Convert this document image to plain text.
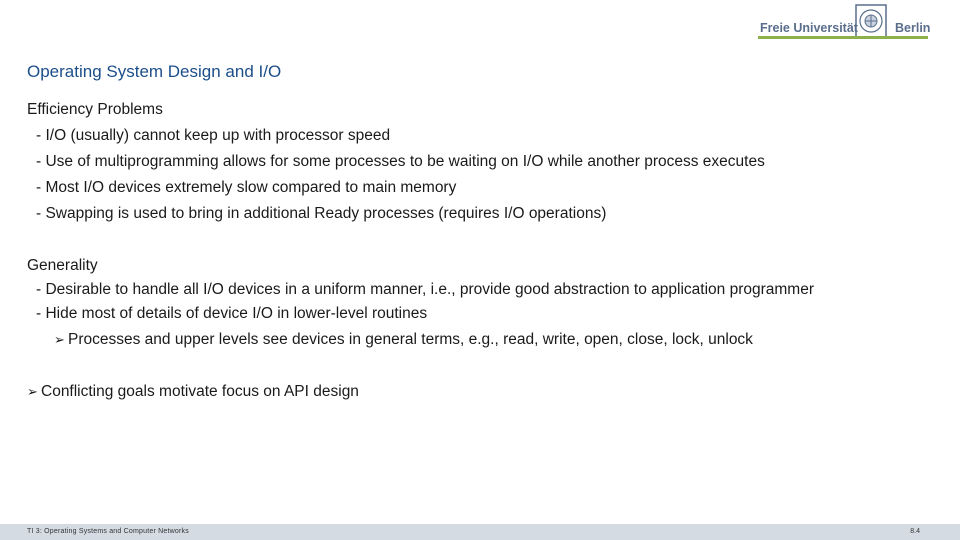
Freie Universität	Berlin
Operating System Design and I/O
Efficiency Problems
- I/O (usually) cannot keep up with processor speed
- Use of multiprogramming allows for some processes to be waiting on I/O while another process executes
- Most I/O devices extremely slow compared to main memory
- Swapping is used to bring in additional Ready processes (requires I/O operations)
Generality
- Desirable to handle all I/O devices in a uniform manner, i.e., provide good abstraction to application programmer
- Hide most of details of device I/O in lower-level routines
➢ Processes and upper levels see devices in general terms, e.g., read, write, open, close, lock, unlock
➢ Conflicting goals motivate focus on API design
TI 3: Operating Systems and Computer Networks	8.4
